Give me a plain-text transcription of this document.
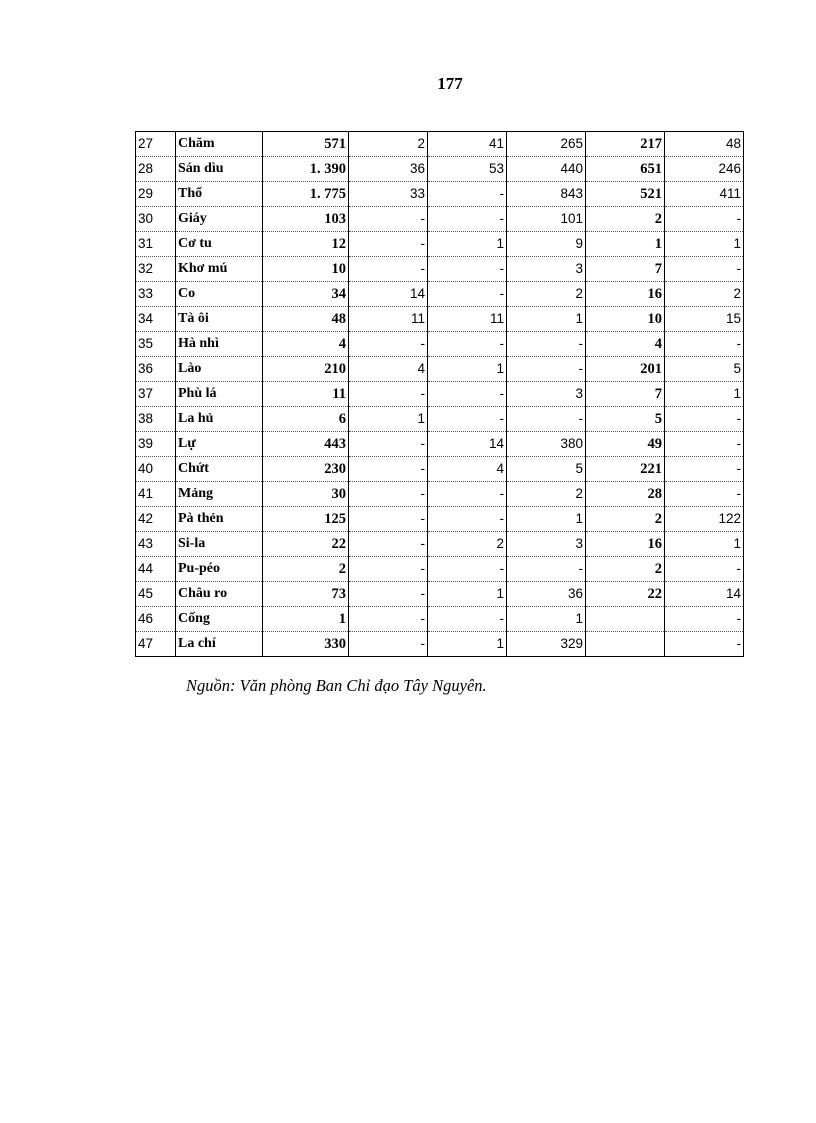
177
27	Chăm	571	2	41	265	217	48
28	Sán dìu	1. 390	36	53	440	651	246
29	Thổ	1. 775	33	-	843	521	411
30	Giáy	103	-	-	101	2	-
31	Cơ tu	12	-	1	9	1	1
32	Khơ mú	10	-	-	3	7	-
33	Co	34	14	-	2	16	2
34	Tà ôi	48	11	11	1	10	15
35	Hà nhì	4	-	-	-	4	-
36	Lào	210	4	1	-	201	5
37	Phù lá	11	-	-	3	7	1
38	La hủ	6	1	-	-	5	-
39	Lự	443	-	14	380	49	-
40	Chứt	230	-	4	5	221	-
41	Mảng	30	-	-	2	28	-
42	Pà thẻn	125	-	-	1	2	122
43	Si-la	22	-	2	3	16	1
44	Pu-péo	2	-	-	-	2	-
45	Châu ro	73	-	1	36	22	14
46	Cống	1	-	-	1		-
47	La chí	330	-	1	329		-
Nguồn: Văn phòng Ban Chỉ đạo Tây Nguyên.
